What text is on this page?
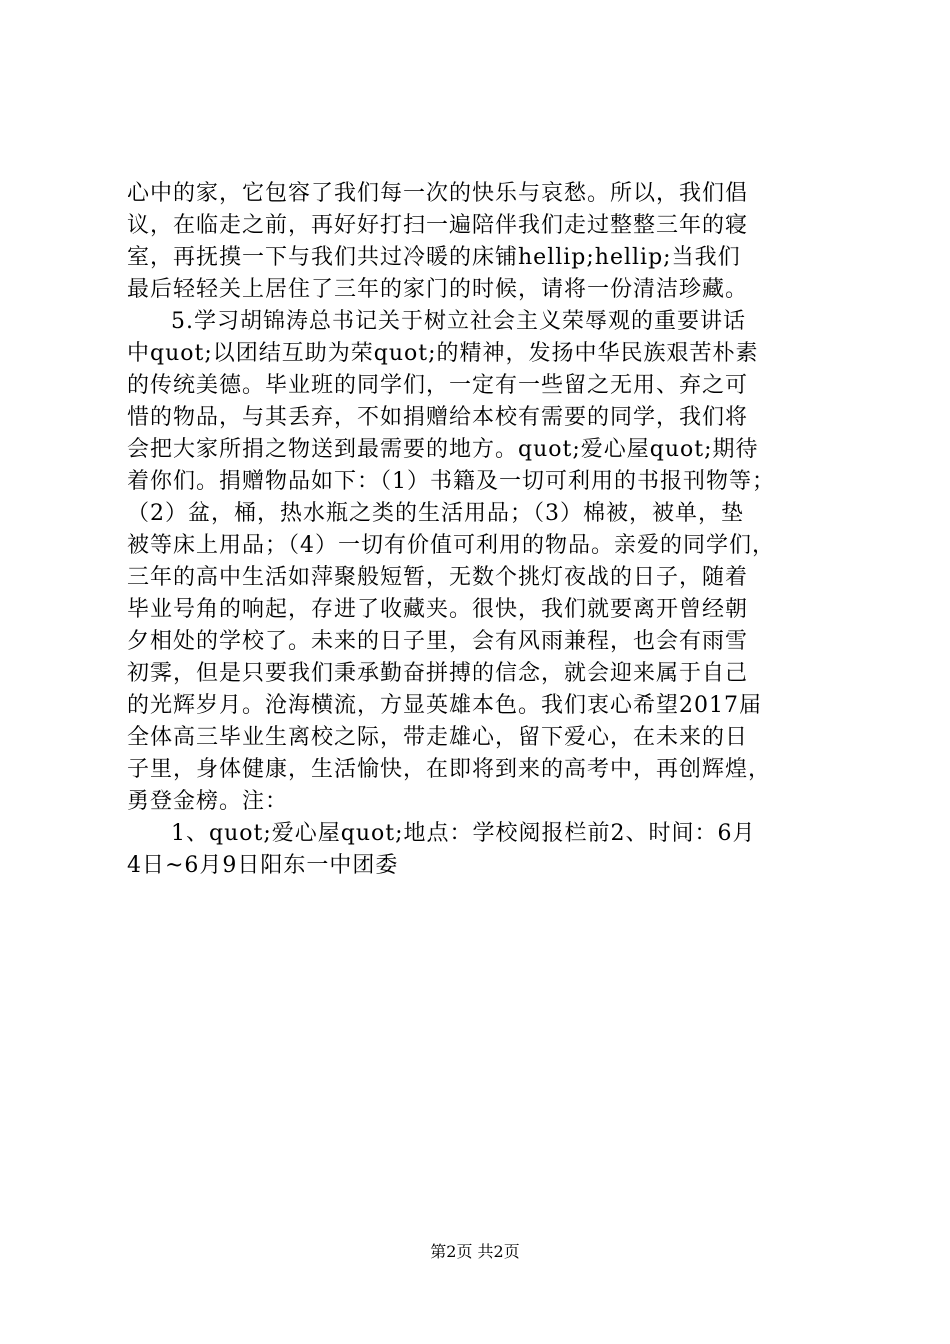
心中的家，它包容了我们每一次的快乐与哀愁。所以，我们倡
议，在临走之前，再好好打扫一遍陪伴我们走过整整三年的寝
室，再抚摸一下与我们共过冷暖的床铺hellip;hellip;当我们
最后轻轻关上居住了三年的家门的时候，请将一份清洁珍藏。
5.学习胡锦涛总书记关于树立社会主义荣辱观的重要讲话
中quot;以团结互助为荣quot;的精神，发扬中华民族艰苦朴素
的传统美德。毕业班的同学们，一定有一些留之无用、弃之可
惜的物品，与其丢弃，不如捐赠给本校有需要的同学，我们将
会把大家所捐之物送到最需要的地方。quot;爱心屋quot;期待
着你们。捐赠物品如下：（1）书籍及一切可利用的书报刊物等；
（2）盆，桶，热水瓶之类的生活用品；（3）棉被，被单，垫
被等床上用品；（4）一切有价值可利用的物品。亲爱的同学们，
三年的高中生活如萍聚般短暂，无数个挑灯夜战的日子，随着
毕业号角的响起，存进了收藏夹。很快，我们就要离开曾经朝
夕相处的学校了。未来的日子里，会有风雨兼程，也会有雨雪
初霁，但是只要我们秉承勤奋拼搏的信念，就会迎来属于自己
的光辉岁月。沧海横流，方显英雄本色。我们衷心希望2017届
全体高三毕业生离校之际，带走雄心，留下爱心，在未来的日
子里，身体健康，生活愉快，在即将到来的高考中，再创辉煌，
勇登金榜。注：
1、quot;爱心屋quot;地点：学校阅报栏前2、时间：6月
4日~6月9日阳东一中团委
第2页 共2页
